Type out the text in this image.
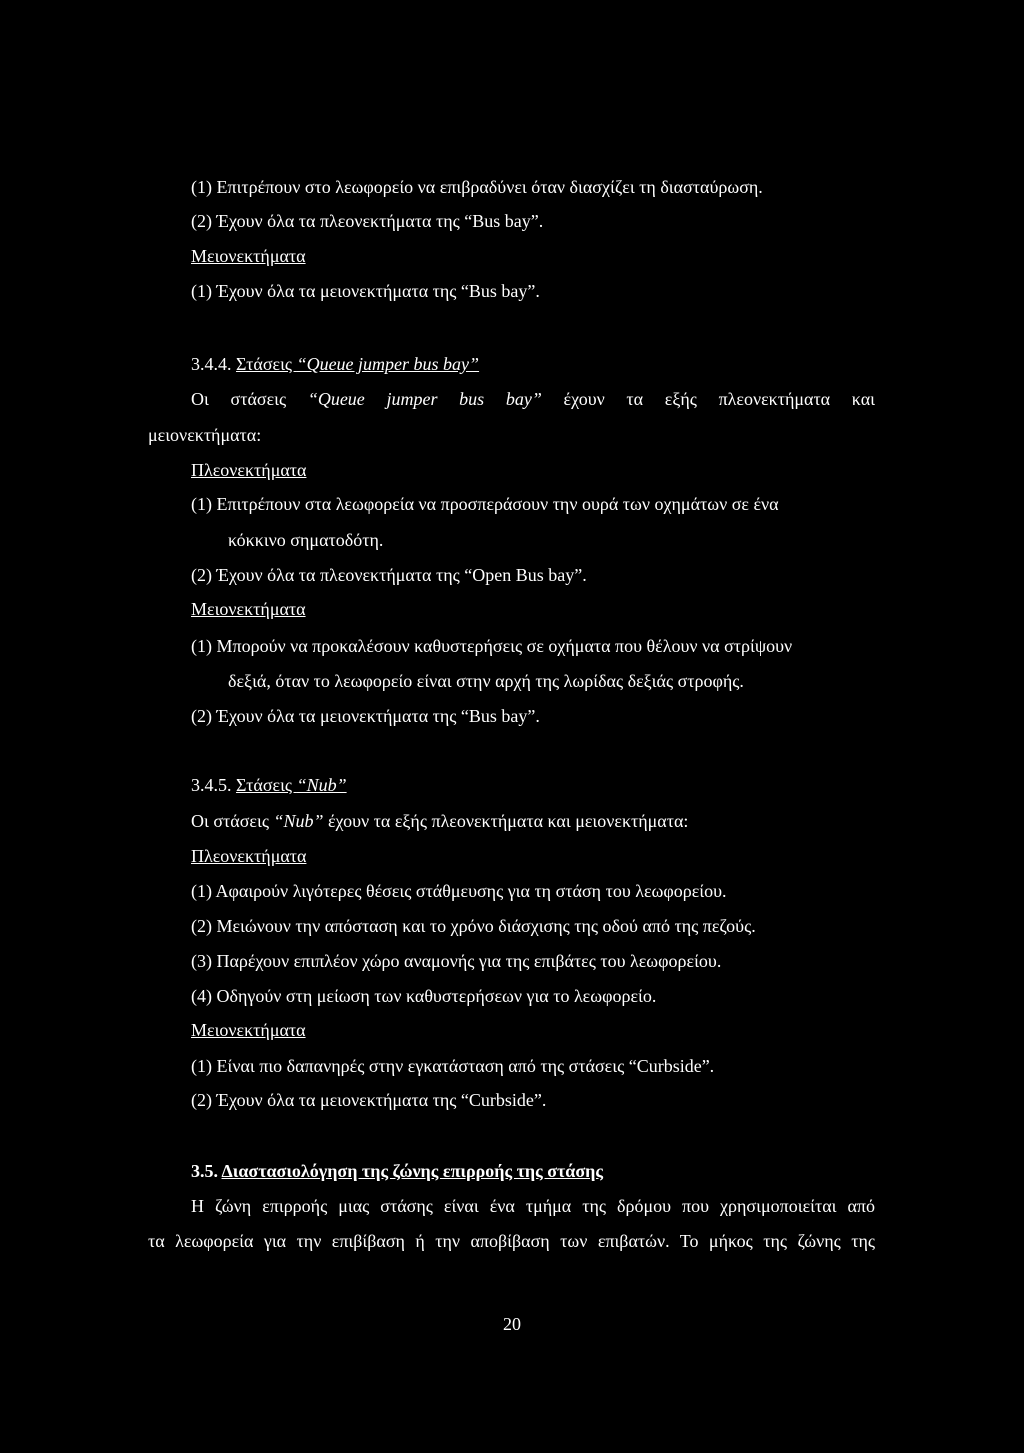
(1) Επιτρέπουν στο λεωφορείο να επιβραδύνει όταν διασχίζει τη διασταύρωση.
(2) Έχουν όλα τα πλεονεκτήματα της “Bus bay”.
Μειονεκτήματα
(1) Έχουν όλα τα μειονεκτήματα της “Bus bay”.
3.4.4. Στάσεις “Queue jumper bus bay”
Οι στάσεις “Queue jumper bus bay” έχουν τα εξής πλεονεκτήματα και
μειονεκτήματα:
Πλεονεκτήματα
(1) Επιτρέπουν στα λεωφορεία να προσπεράσουν την ουρά των οχημάτων σε ένα
κόκκινο σηματοδότη.
(2) Έχουν όλα τα πλεονεκτήματα της “Open Bus bay”.
Μειονεκτήματα
(1) Μπορούν να προκαλέσουν καθυστερήσεις σε οχήματα που θέλουν να στρίψουν
δεξιά, όταν το λεωφορείο είναι στην αρχή της λωρίδας δεξιάς στροφής.
(2) Έχουν όλα τα μειονεκτήματα της “Bus bay”.
3.4.5. Στάσεις “Nub”
Οι στάσεις “Nub” έχουν τα εξής πλεονεκτήματα και μειονεκτήματα:
Πλεονεκτήματα
(1) Αφαιρούν λιγότερες θέσεις στάθμευσης για τη στάση του λεωφορείου.
(2) Μειώνουν την απόσταση και το χρόνο διάσχισης της οδού από της πεζούς.
(3) Παρέχουν επιπλέον χώρο αναμονής για της επιβάτες του λεωφορείου.
(4) Οδηγούν στη μείωση των καθυστερήσεων για το λεωφορείο.
Μειονεκτήματα
(1) Είναι πιο δαπανηρές στην εγκατάσταση από της στάσεις “Curbside”.
(2) Έχουν όλα τα μειονεκτήματα της “Curbside”.
3.5. Διαστασιολόγηση της ζώνης επιρροής της στάσης
Η ζώνη επιρροής μιας στάσης είναι ένα τμήμα της δρόμου που χρησιμοποιείται από
τα λεωφορεία για την επιβίβαση ή την αποβίβαση των επιβατών. Το μήκος της ζώνης της
20
